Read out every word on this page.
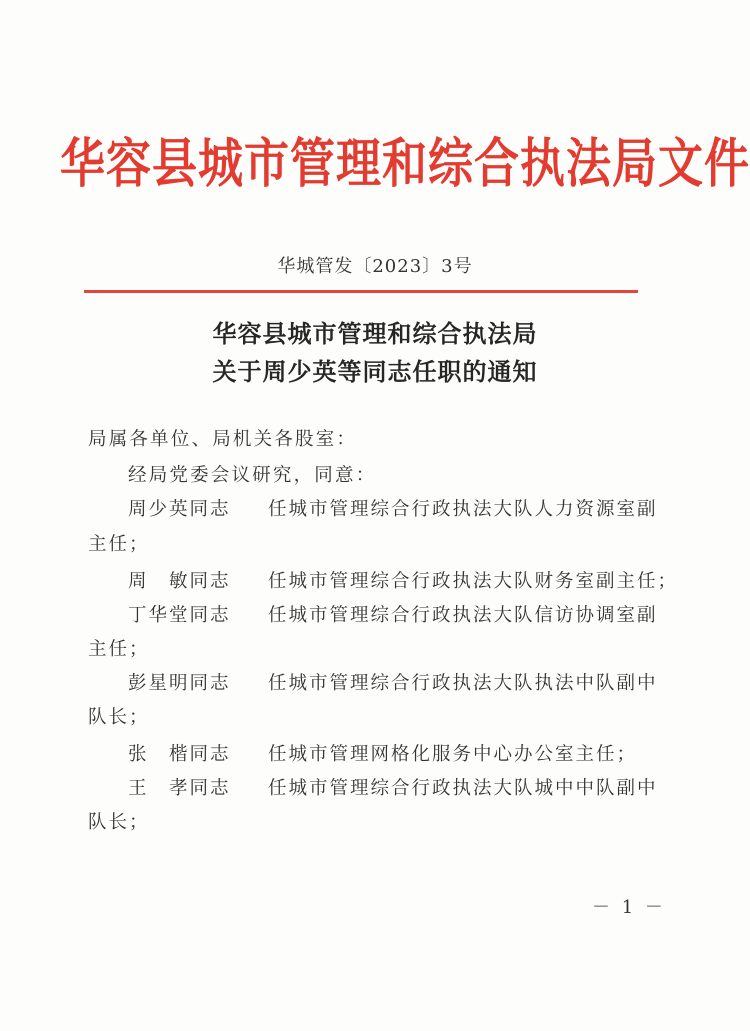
华容县城市管理和综合执法局文件
华城管发〔2023〕3号
华容县城市管理和综合执法局
关于周少英等同志任职的通知
局属各单位、局机关各股室：
经局党委会议研究，同意：
周少英同志 任城市管理综合行政执法大队人力资源室副
主任；
周　敏同志 任城市管理综合行政执法大队财务室副主任；
丁华堂同志 任城市管理综合行政执法大队信访协调室副
主任；
彭星明同志 任城市管理综合行政执法大队执法中队副中
队长；
张　楷同志 任城市管理网格化服务中心办公室主任；
王　孝同志 任城市管理综合行政执法大队城中中队副中
队长；
－ 1 －
